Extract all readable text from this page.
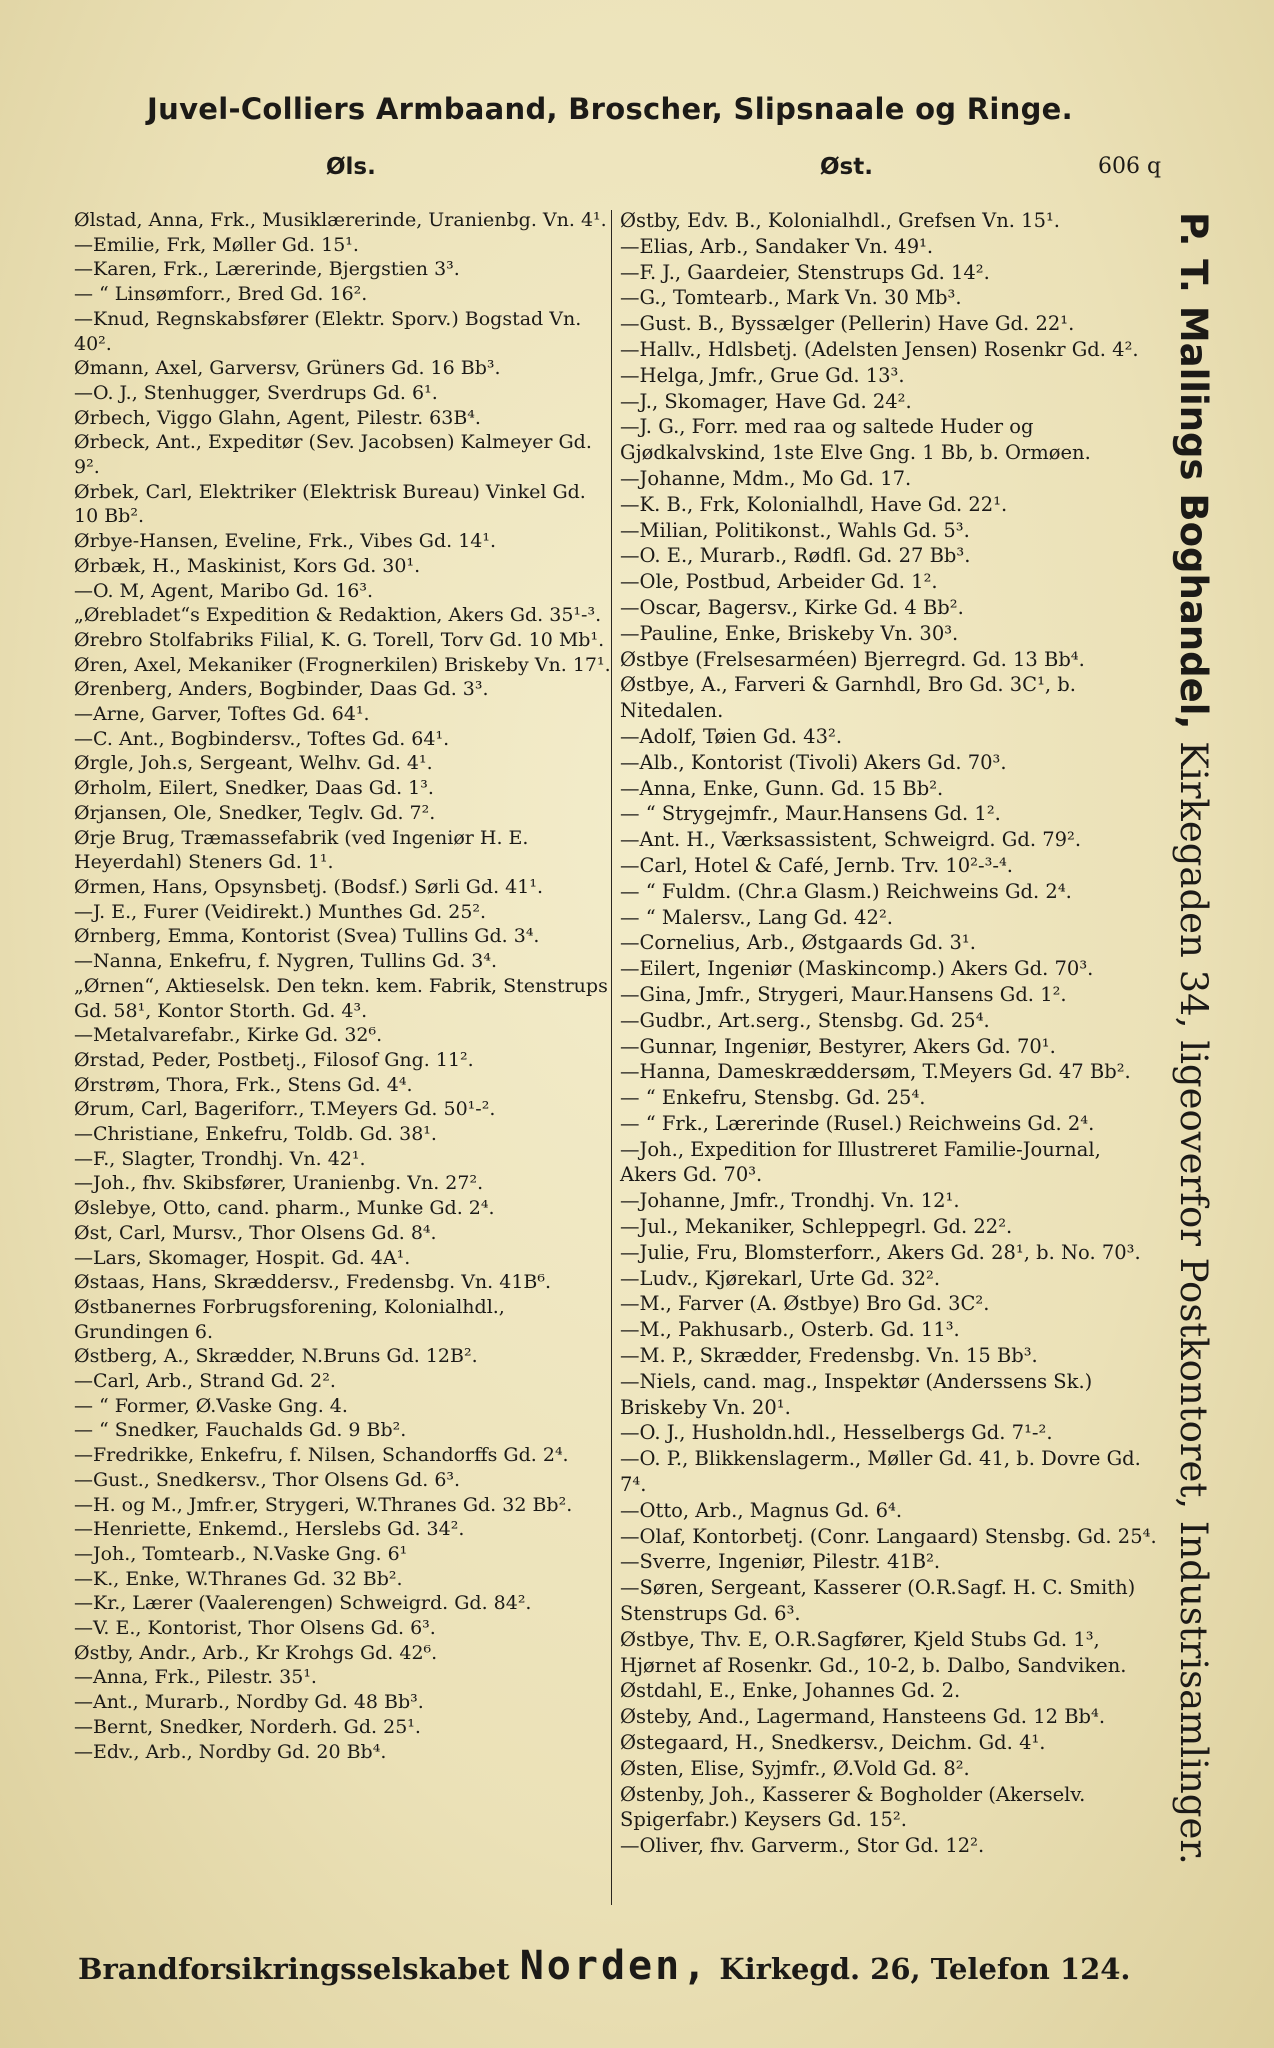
Juvel-Colliers Armbaand, Broscher, Slipsnaale og Ringe.
Øls.	Øst.	606 q
Ølstad, Anna, Frk., Musiklærerinde, Uranienbg. Vn. 4¹.
—Emilie, Frk, Møller Gd. 15¹.
—Karen, Frk., Lærerinde, Bjergstien 3³.
— “ Linsømforr., Bred Gd. 16².
—Knud, Regnskabsfører (Elektr. Sporv.) Bogstad Vn. 40².
Ømann, Axel, Garversv, Grüners Gd. 16 Bb³.
—O. J., Stenhugger, Sverdrups Gd. 6¹.
Ørbech, Viggo Glahn, Agent, Pilestr. 63B⁴.
Ørbeck, Ant., Expeditør (Sev. Jacobsen) Kalmeyer Gd. 9².
Ørbek, Carl, Elektriker (Elektrisk Bureau) Vinkel Gd. 10 Bb².
Ørbye-Hansen, Eveline, Frk., Vibes Gd. 14¹.
Ørbæk, H., Maskinist, Kors Gd. 30¹.
—O. M, Agent, Maribo Gd. 16³.
„Ørebladet“s Expedition & Redaktion, Akers Gd. 35¹-³.
Ørebro Stolfabriks Filial, K. G. Torell, Torv Gd. 10 Mb¹.
Øren, Axel, Mekaniker (Frognerkilen) Briskeby Vn. 17¹.
Ørenberg, Anders, Bogbinder, Daas Gd. 3³.
—Arne, Garver, Toftes Gd. 64¹.
—C. Ant., Bogbindersv., Toftes Gd. 64¹.
Ørgle, Joh.s, Sergeant, Welhv. Gd. 4¹.
Ørholm, Eilert, Snedker, Daas Gd. 1³.
Ørjansen, Ole, Snedker, Teglv. Gd. 7².
Ørje Brug, Træmassefabrik (ved Ingeniør H. E. Heyerdahl) Steners Gd. 1¹.
Ørmen, Hans, Opsynsbetj. (Bodsf.) Sørli Gd. 41¹.
—J. E., Furer (Veidirekt.) Munthes Gd. 25².
Ørnberg, Emma, Kontorist (Svea) Tullins Gd. 3⁴.
—Nanna, Enkefru, f. Nygren, Tullins Gd. 3⁴.
„Ørnen“, Aktieselsk. Den tekn. kem. Fabrik, Stenstrups Gd. 58¹, Kontor Storth. Gd. 4³.
—Metalvarefabr., Kirke Gd. 32⁶.
Ørstad, Peder, Postbetj., Filosof Gng. 11².
Ørstrøm, Thora, Frk., Stens Gd. 4⁴.
Ørum, Carl, Bageriforr., T.Meyers Gd. 50¹-².
—Christiane, Enkefru, Toldb. Gd. 38¹.
—F., Slagter, Trondhj. Vn. 42¹.
—Joh., fhv. Skibsfører, Uranienbg. Vn. 27².
Øslebye, Otto, cand. pharm., Munke Gd. 2⁴.
Øst, Carl, Mursv., Thor Olsens Gd. 8⁴.
—Lars, Skomager, Hospit. Gd. 4A¹.
Østaas, Hans, Skræddersv., Fredensbg. Vn. 41B⁶.
Østbanernes Forbrugsforening, Kolonialhdl., Grundingen 6.
Østberg, A., Skrædder, N.Bruns Gd. 12B².
—Carl, Arb., Strand Gd. 2².
— “ Former, Ø.Vaske Gng. 4.
— “ Snedker, Fauchalds Gd. 9 Bb².
—Fredrikke, Enkefru, f. Nilsen, Schandorffs Gd. 2⁴.
—Gust., Snedkersv., Thor Olsens Gd. 6³.
—H. og M., Jmfr.er, Strygeri, W.Thranes Gd. 32 Bb².
—Henriette, Enkemd., Herslebs Gd. 34².
—Joh., Tomtearb., N.Vaske Gng. 6¹
—K., Enke, W.Thranes Gd. 32 Bb².
—Kr., Lærer (Vaalerengen) Schweigrd. Gd. 84².
—V. E., Kontorist, Thor Olsens Gd. 6³.
Østby, Andr., Arb., Kr Krohgs Gd. 42⁶.
—Anna, Frk., Pilestr. 35¹.
—Ant., Murarb., Nordby Gd. 48 Bb³.
—Bernt, Snedker, Norderh. Gd. 25¹.
—Edv., Arb., Nordby Gd. 20 Bb⁴.
Østby, Edv. B., Kolonialhdl., Grefsen Vn. 15¹.
—Elias, Arb., Sandaker Vn. 49¹.
—F. J., Gaardeier, Stenstrups Gd. 14².
—G., Tomtearb., Mark Vn. 30 Mb³.
—Gust. B., Byssælger (Pellerin) Have Gd. 22¹.
—Hallv., Hdlsbetj. (Adelsten Jensen) Rosenkr Gd. 4².
—Helga, Jmfr., Grue Gd. 13³.
—J., Skomager, Have Gd. 24².
—J. G., Forr. med raa og saltede Huder og Gjødkalvskind, 1ste Elve Gng. 1 Bb, b. Ormøen.
—Johanne, Mdm., Mo Gd. 17.
—K. B., Frk, Kolonialhdl, Have Gd. 22¹.
—Milian, Politikonst., Wahls Gd. 5³.
—O. E., Murarb., Rødfl. Gd. 27 Bb³.
—Ole, Postbud, Arbeider Gd. 1².
—Oscar, Bagersv., Kirke Gd. 4 Bb².
—Pauline, Enke, Briskeby Vn. 30³.
Østbye (Frelsesarméen) Bjerregrd. Gd. 13 Bb⁴.
Østbye, A., Farveri & Garnhdl, Bro Gd. 3C¹, b. Nitedalen.
—Adolf, Tøien Gd. 43².
—Alb., Kontorist (Tivoli) Akers Gd. 70³.
—Anna, Enke, Gunn. Gd. 15 Bb².
— “ Strygejmfr., Maur.Hansens Gd. 1².
—Ant. H., Værksassistent, Schweigrd. Gd. 79².
—Carl, Hotel & Café, Jernb. Trv. 10²-³-⁴.
— “ Fuldm. (Chr.a Glasm.) Reichweins Gd. 2⁴.
— “ Malersv., Lang Gd. 42².
—Cornelius, Arb., Østgaards Gd. 3¹.
—Eilert, Ingeniør (Maskincomp.) Akers Gd. 70³.
—Gina, Jmfr., Strygeri, Maur.Hansens Gd. 1².
—Gudbr., Art.serg., Stensbg. Gd. 25⁴.
—Gunnar, Ingeniør, Bestyrer, Akers Gd. 70¹.
—Hanna, Dameskræddersøm, T.Meyers Gd. 47 Bb².
— “ Enkefru, Stensbg. Gd. 25⁴.
— “ Frk., Lærerinde (Rusel.) Reichweins Gd. 2⁴.
—Joh., Expedition for Illustreret Familie-Journal, Akers Gd. 70³.
—Johanne, Jmfr., Trondhj. Vn. 12¹.
—Jul., Mekaniker, Schleppegrl. Gd. 22².
—Julie, Fru, Blomsterforr., Akers Gd. 28¹, b. No. 70³.
—Ludv., Kjørekarl, Urte Gd. 32².
—M., Farver (A. Østbye) Bro Gd. 3C².
—M., Pakhusarb., Osterb. Gd. 11³.
—M. P., Skrædder, Fredensbg. Vn. 15 Bb³.
—Niels, cand. mag., Inspektør (Anderssens Sk.) Briskeby Vn. 20¹.
—O. J., Husholdn.hdl., Hesselbergs Gd. 7¹-².
—O. P., Blikkenslagerm., Møller Gd. 41, b. Dovre Gd. 7⁴.
—Otto, Arb., Magnus Gd. 6⁴.
—Olaf, Kontorbetj. (Conr. Langaard) Stensbg. Gd. 25⁴.
—Sverre, Ingeniør, Pilestr. 41B².
—Søren, Sergeant, Kasserer (O.R.Sagf. H. C. Smith) Stenstrups Gd. 6³.
Østbye, Thv. E, O.R.Sagfører, Kjeld Stubs Gd. 1³, Hjørnet af Rosenkr. Gd., 10-2, b. Dalbo, Sandviken.
Østdahl, E., Enke, Johannes Gd. 2.
Østeby, And., Lagermand, Hansteens Gd. 12 Bb⁴.
Østegaard, H., Snedkersv., Deichm. Gd. 4¹.
Østen, Elise, Syjmfr., Ø.Vold Gd. 8².
Østenby, Joh., Kasserer & Bogholder (Akerselv. Spigerfabr.) Keysers Gd. 15².
—Oliver, fhv. Garverm., Stor Gd. 12².
P. T. Mallings Boghandel, Kirkegaden 34, ligeoverfor Postkontoret, Industrisamlinger.
Brandforsikringsselskabet Norden, Kirkegd. 26, Telefon 124.
